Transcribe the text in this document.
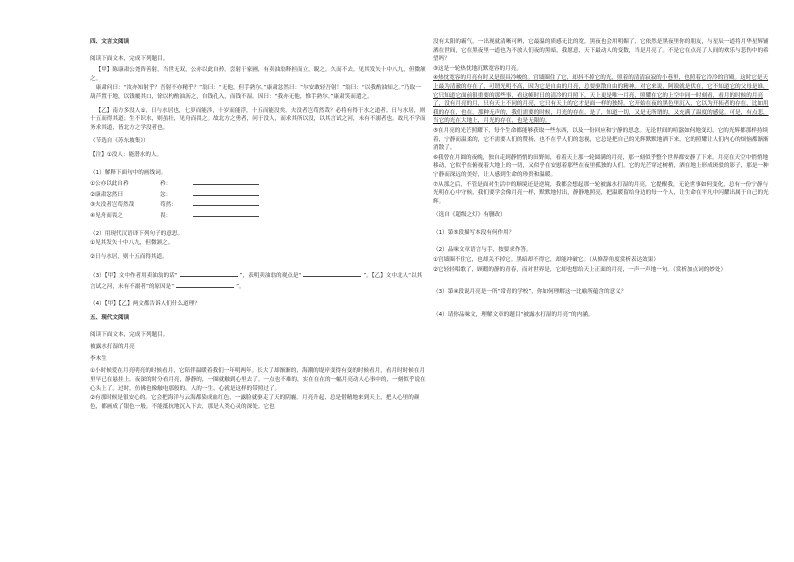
四、文言文阅读

阅读下面文本，完成下列题目。

【甲】陈康肃公尧咨善射，当世无双，公亦以此自矜。尝射于家圃，有卖油翁释担而立，睨之，久而不去。见其发矢十中八九，但微颔之。

康肃问曰：“汝亦知射乎？吾射不亦精乎？”翁曰：“无他，但手熟尔。”康肃忿然曰：“尔安敢轻吾射！”翁曰：“以我酌油知之。”乃取一葫芦置于地，以钱覆其口，徐以杓酌油沥之，自钱孔入，而钱不湿。因曰：“我亦无他，惟手熟尔。”康肃笑而遣之。

【乙】南方多没人①，日与水居也，七岁而能涉，十岁而能浮，十五而能没矣。夫没者岂苟然哉？必将有得于水之道者。日与水居，则十五而得其道；生不识水，则虽壮，见舟而畏之。故北方之勇者，问于没人，而求其所以没，以其言试之河，未有不溺者也。故凡不学而务求其道，皆北方之学没者也。

（节选自《苏东坡集》）

【注】①没人：能潜水的人。

（1）解释下面句中的画线词。

①公亦以此自矜	矜：
②康肃忿然曰	忿：
③夫没者岂苟然哉	苟然：
④见舟而畏之	畏：

（2）用现代汉语译下列句子的意思。

①见其发矢十中八九，但微颔之。

②日与水居，则十五而得其道。

（3）【甲】文中作者用卖油翁的话“	”，表明卖油翁的观点是“	”。【乙】文中北人“以其言试之河，未有不溺者”的原因是“	”。

（4）【甲】【乙】两文都告诉人们什么道理？

五、现代文阅读

阅读下面文本，完成下列题目。

被露水打湿的月亮

李木生

①小时候爱在月亮明亮的时候看月，它陪伴温暖着我们一年明两年。长大了却渐渐的，海潮的堤岸变得有变的时候看月，看月时时候在月里早已在悬挂上。夜深的时分看月亮，静静的，一圈就触到心里去了。一点也不难的，实在在在的一幅月亮动人心事中的，一刻似乎说在心头上了。过时，仿佛也像触电那般的。人的一生，心就是这样的带照过了。

②有那时候是很安心的。它会把海洋与云海都染成血红色，一露脸就驱走了天的阴霾。月亮升起，总是借精地来到天上，把人心里的颜色，都画成了银色一般。不能抵抗地沉入下去，那是人类心灵的深处。它也

没有太阳的霸气，一出现就清晰可辨，它最温的质感无比的宽，黑夜也会用明媚了，它依然是黑夜里你的朋友，与星辰一道将月华星辉铺洒在世间，它在黑夜里一道也为不放人们夜的黑暗，我愿意，天下最动人的变数，当是月亮了。不是它在点亮了人间的欢乐与悲伤中的希望吗？

③这是一轮热忱地沉默宽容的月亮。

④热忱宽容的月亮有时又是很具冷峻的。宫墙圈住了它，却抖不掉它的光，照着的清清寂寂的小巷里，也照着它冷冷的宫殿。这时它是天上最为清澈的存在了，可谓光明不高，因为它是自由的月亮，总要驱散自由的精神。对它来说，阿谀就是伏在，它不知道它的父母是谁，它只知道它面前很重要的那些事，看这帧时日的清冷的月照下，天上更是唯一月亮，照耀在它的上空中同一时刻看，看月的时候的月亮了，没有月亮的月，只有天上不同的月亮，它只有天上的它才是面一样的独特。它开始在夜的黑色里沉入，它以为开拓者的存在，比如用我的存在，也在，那种无声的，我们需要的时候，月光的存在。是了，知道一切，又是无所谓的，又充满了温度的感觉。可是，有点悲，当它的光在大地上，月光的存在，也是无限的。

⑤在月亮的光芒照耀下，每个生命都能够获取一些东西，以及一份回应和宁静的思念。无论世间的喧嚣如何地变幻，它的光辉都那样持续着，宁静而温柔的，它不需要人们的赞扬，也不在乎人们的忽视，它总是把自己的光辉默默地洒下来，它的照耀让人们内心的烦恼都渐渐消散了。

⑥我曾在月圆的夜晚，独自走到静悄悄的田野间，看着天上那一轮圆满的月亮，那一刻似乎整个世界都安静了下来。月亮在天空中悄悄地移动，它似乎在俯视着大地上的一切，又似乎在安慰着那些在夜里孤独的人们。它的光芒穿过树梢，洒在地上形成斑驳的影子，那是一种宁静而深远的美好，让人感到生命的珍贵和温暖。

⑦从那之后，不管是面对生活中的顺境还是逆境，我都会想起那一轮被露水打湿的月亮，它提醒我，无论世事如何变化，总有一份宁静与光明在心中守候，我们要学会像月亮一样，默默地付出，静静地照亮，把温暖留给身边的每一个人，让生命在平凡中闪耀出属于自己的光辉。

（选自《超级之灯》有删改）

（1）第⑤段描写本段有何作用？

（2）品味文章语言与手，按要求作答。

①宫墙圈不住它，也却关不掉它。黑暗却不得它，却能冲破它。（从修辞角度赏析表达效果）

②它轻轻唱歌了，顾暇的静的青春，而对世界是，它却也想给天上正面的月亮，一声一声地一句。（赏析加点词的妙处）

（3）第④段说月亮是一所“常青的学校”，你如何理解这一比喻所蕴含的意义？

（4）请你品味文，理解文章的题目“被露水打湿的月亮”的内涵。
